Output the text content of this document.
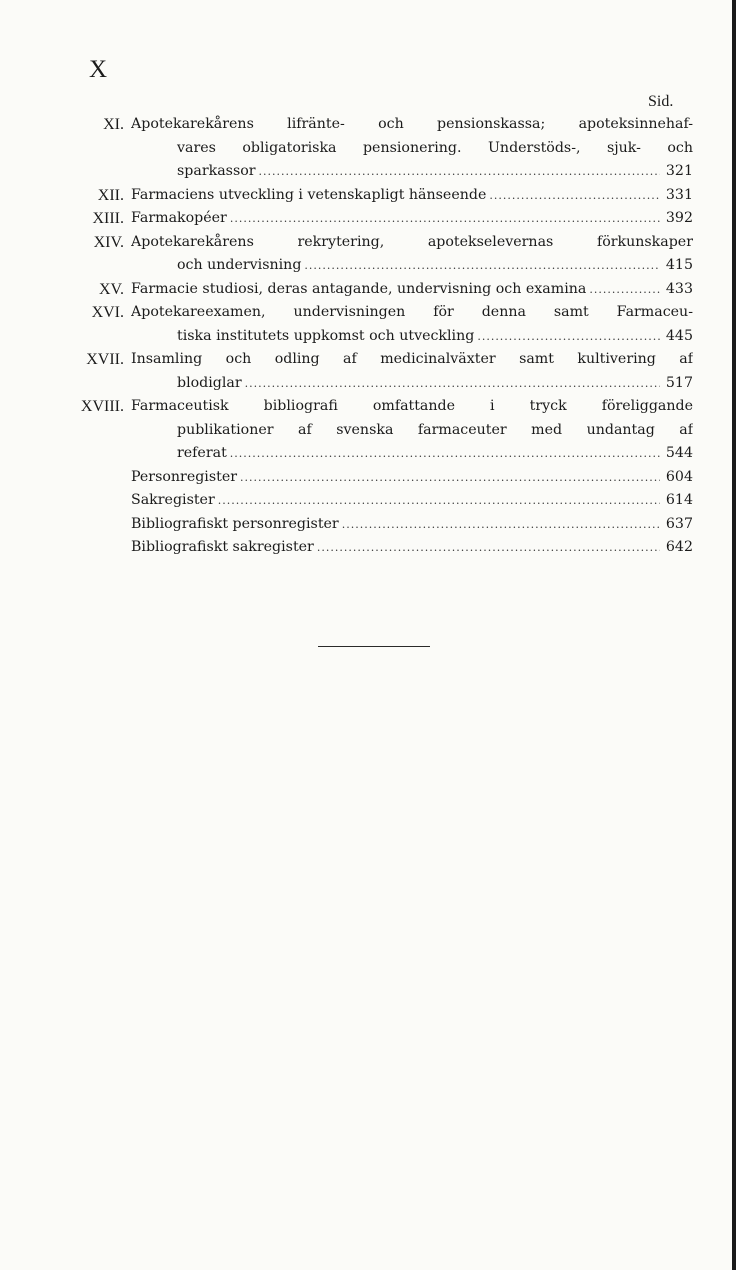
X
Sid.
XI. Apotekarekårens lifränte- och pensionskassa; apoteksinnehaf-
vares obligatoriska pensionering. Understöds-, sjuk- och
sparkassor .....	321
XII. Farmaciens utveckling i vetenskapligt hänseende .....	331
XIII. Farmakopéer .....	392
XIV. Apotekarekårens rekrytering, apotekselevernas förkunskaper
och undervisning .....	415
XV. Farmacie studiosi, deras antagande, undervisning och examina .....	433
XVI. Apotekareexamen, undervisningen för denna samt Farmaceu-
tiska institutets uppkomst och utveckling .....	445
XVII. Insamling och odling af medicinalväxter samt kultivering af
blodiglar .....	517
XVIII. Farmaceutisk bibliografi omfattande i tryck föreliggande
publikationer af svenska farmaceuter med undantag af
referat .....	544
Personregister .....	604
Sakregister .....	614
Bibliografiskt personregister .....	637
Bibliografiskt sakregister .....	642
